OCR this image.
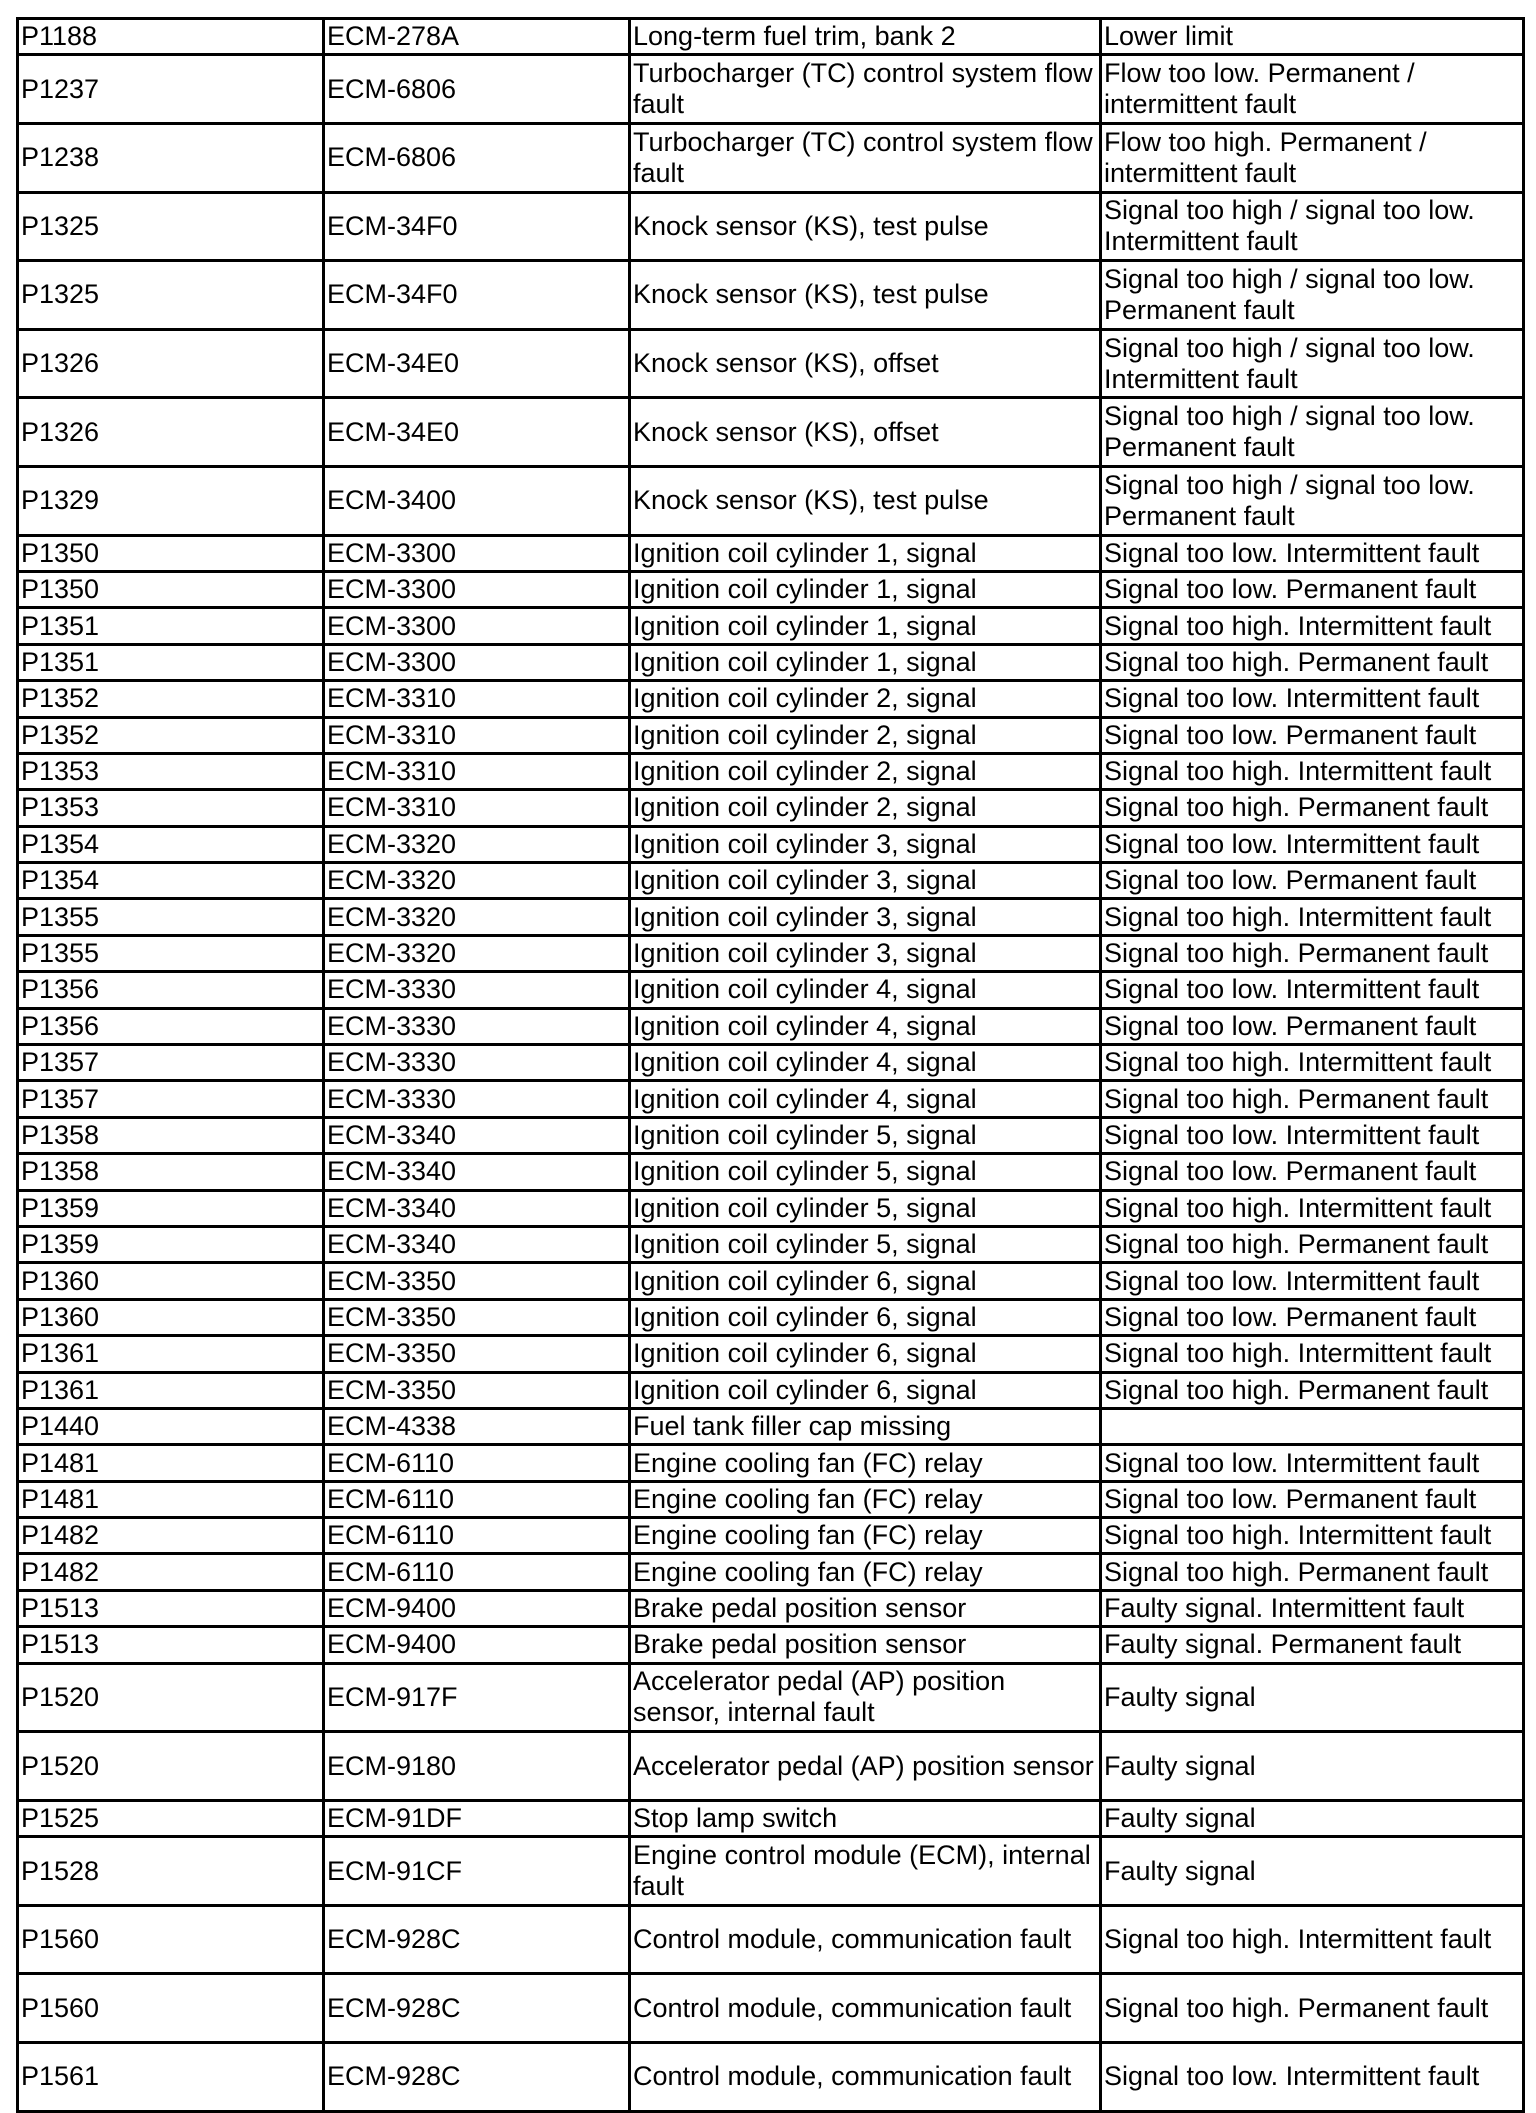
P1188	ECM-278A	Long-term fuel trim, bank 2	Lower limit
P1237	ECM-6806	Turbocharger (TC) control system flow fault	Flow too low. Permanent / intermittent fault
P1238	ECM-6806	Turbocharger (TC) control system flow fault	Flow too high. Permanent / intermittent fault
P1325	ECM-34F0	Knock sensor (KS), test pulse	Signal too high / signal too low. Intermittent fault
P1325	ECM-34F0	Knock sensor (KS), test pulse	Signal too high / signal too low. Permanent fault
P1326	ECM-34E0	Knock sensor (KS), offset	Signal too high / signal too low. Intermittent fault
P1326	ECM-34E0	Knock sensor (KS), offset	Signal too high / signal too low. Permanent fault
P1329	ECM-3400	Knock sensor (KS), test pulse	Signal too high / signal too low. Permanent fault
P1350	ECM-3300	Ignition coil cylinder 1, signal	Signal too low. Intermittent fault
P1350	ECM-3300	Ignition coil cylinder 1, signal	Signal too low. Permanent fault
P1351	ECM-3300	Ignition coil cylinder 1, signal	Signal too high. Intermittent fault
P1351	ECM-3300	Ignition coil cylinder 1, signal	Signal too high. Permanent fault
P1352	ECM-3310	Ignition coil cylinder 2, signal	Signal too low. Intermittent fault
P1352	ECM-3310	Ignition coil cylinder 2, signal	Signal too low. Permanent fault
P1353	ECM-3310	Ignition coil cylinder 2, signal	Signal too high. Intermittent fault
P1353	ECM-3310	Ignition coil cylinder 2, signal	Signal too high. Permanent fault
P1354	ECM-3320	Ignition coil cylinder 3, signal	Signal too low. Intermittent fault
P1354	ECM-3320	Ignition coil cylinder 3, signal	Signal too low. Permanent fault
P1355	ECM-3320	Ignition coil cylinder 3, signal	Signal too high. Intermittent fault
P1355	ECM-3320	Ignition coil cylinder 3, signal	Signal too high. Permanent fault
P1356	ECM-3330	Ignition coil cylinder 4, signal	Signal too low. Intermittent fault
P1356	ECM-3330	Ignition coil cylinder 4, signal	Signal too low. Permanent fault
P1357	ECM-3330	Ignition coil cylinder 4, signal	Signal too high. Intermittent fault
P1357	ECM-3330	Ignition coil cylinder 4, signal	Signal too high. Permanent fault
P1358	ECM-3340	Ignition coil cylinder 5, signal	Signal too low. Intermittent fault
P1358	ECM-3340	Ignition coil cylinder 5, signal	Signal too low. Permanent fault
P1359	ECM-3340	Ignition coil cylinder 5, signal	Signal too high. Intermittent fault
P1359	ECM-3340	Ignition coil cylinder 5, signal	Signal too high. Permanent fault
P1360	ECM-3350	Ignition coil cylinder 6, signal	Signal too low. Intermittent fault
P1360	ECM-3350	Ignition coil cylinder 6, signal	Signal too low. Permanent fault
P1361	ECM-3350	Ignition coil cylinder 6, signal	Signal too high. Intermittent fault
P1361	ECM-3350	Ignition coil cylinder 6, signal	Signal too high. Permanent fault
P1440	ECM-4338	Fuel tank filler cap missing	
P1481	ECM-6110	Engine cooling fan (FC) relay	Signal too low. Intermittent fault
P1481	ECM-6110	Engine cooling fan (FC) relay	Signal too low. Permanent fault
P1482	ECM-6110	Engine cooling fan (FC) relay	Signal too high. Intermittent fault
P1482	ECM-6110	Engine cooling fan (FC) relay	Signal too high. Permanent fault
P1513	ECM-9400	Brake pedal position sensor	Faulty signal. Intermittent fault
P1513	ECM-9400	Brake pedal position sensor	Faulty signal. Permanent fault
P1520	ECM-917F	Accelerator pedal (AP) position sensor, internal fault	Faulty signal
P1520	ECM-9180	Accelerator pedal (AP) position sensor	Faulty signal
P1525	ECM-91DF	Stop lamp switch	Faulty signal
P1528	ECM-91CF	Engine control module (ECM), internal fault	Faulty signal
P1560	ECM-928C	Control module, communication fault	Signal too high. Intermittent fault
P1560	ECM-928C	Control module, communication fault	Signal too high. Permanent fault
P1561	ECM-928C	Control module, communication fault	Signal too low. Intermittent fault
